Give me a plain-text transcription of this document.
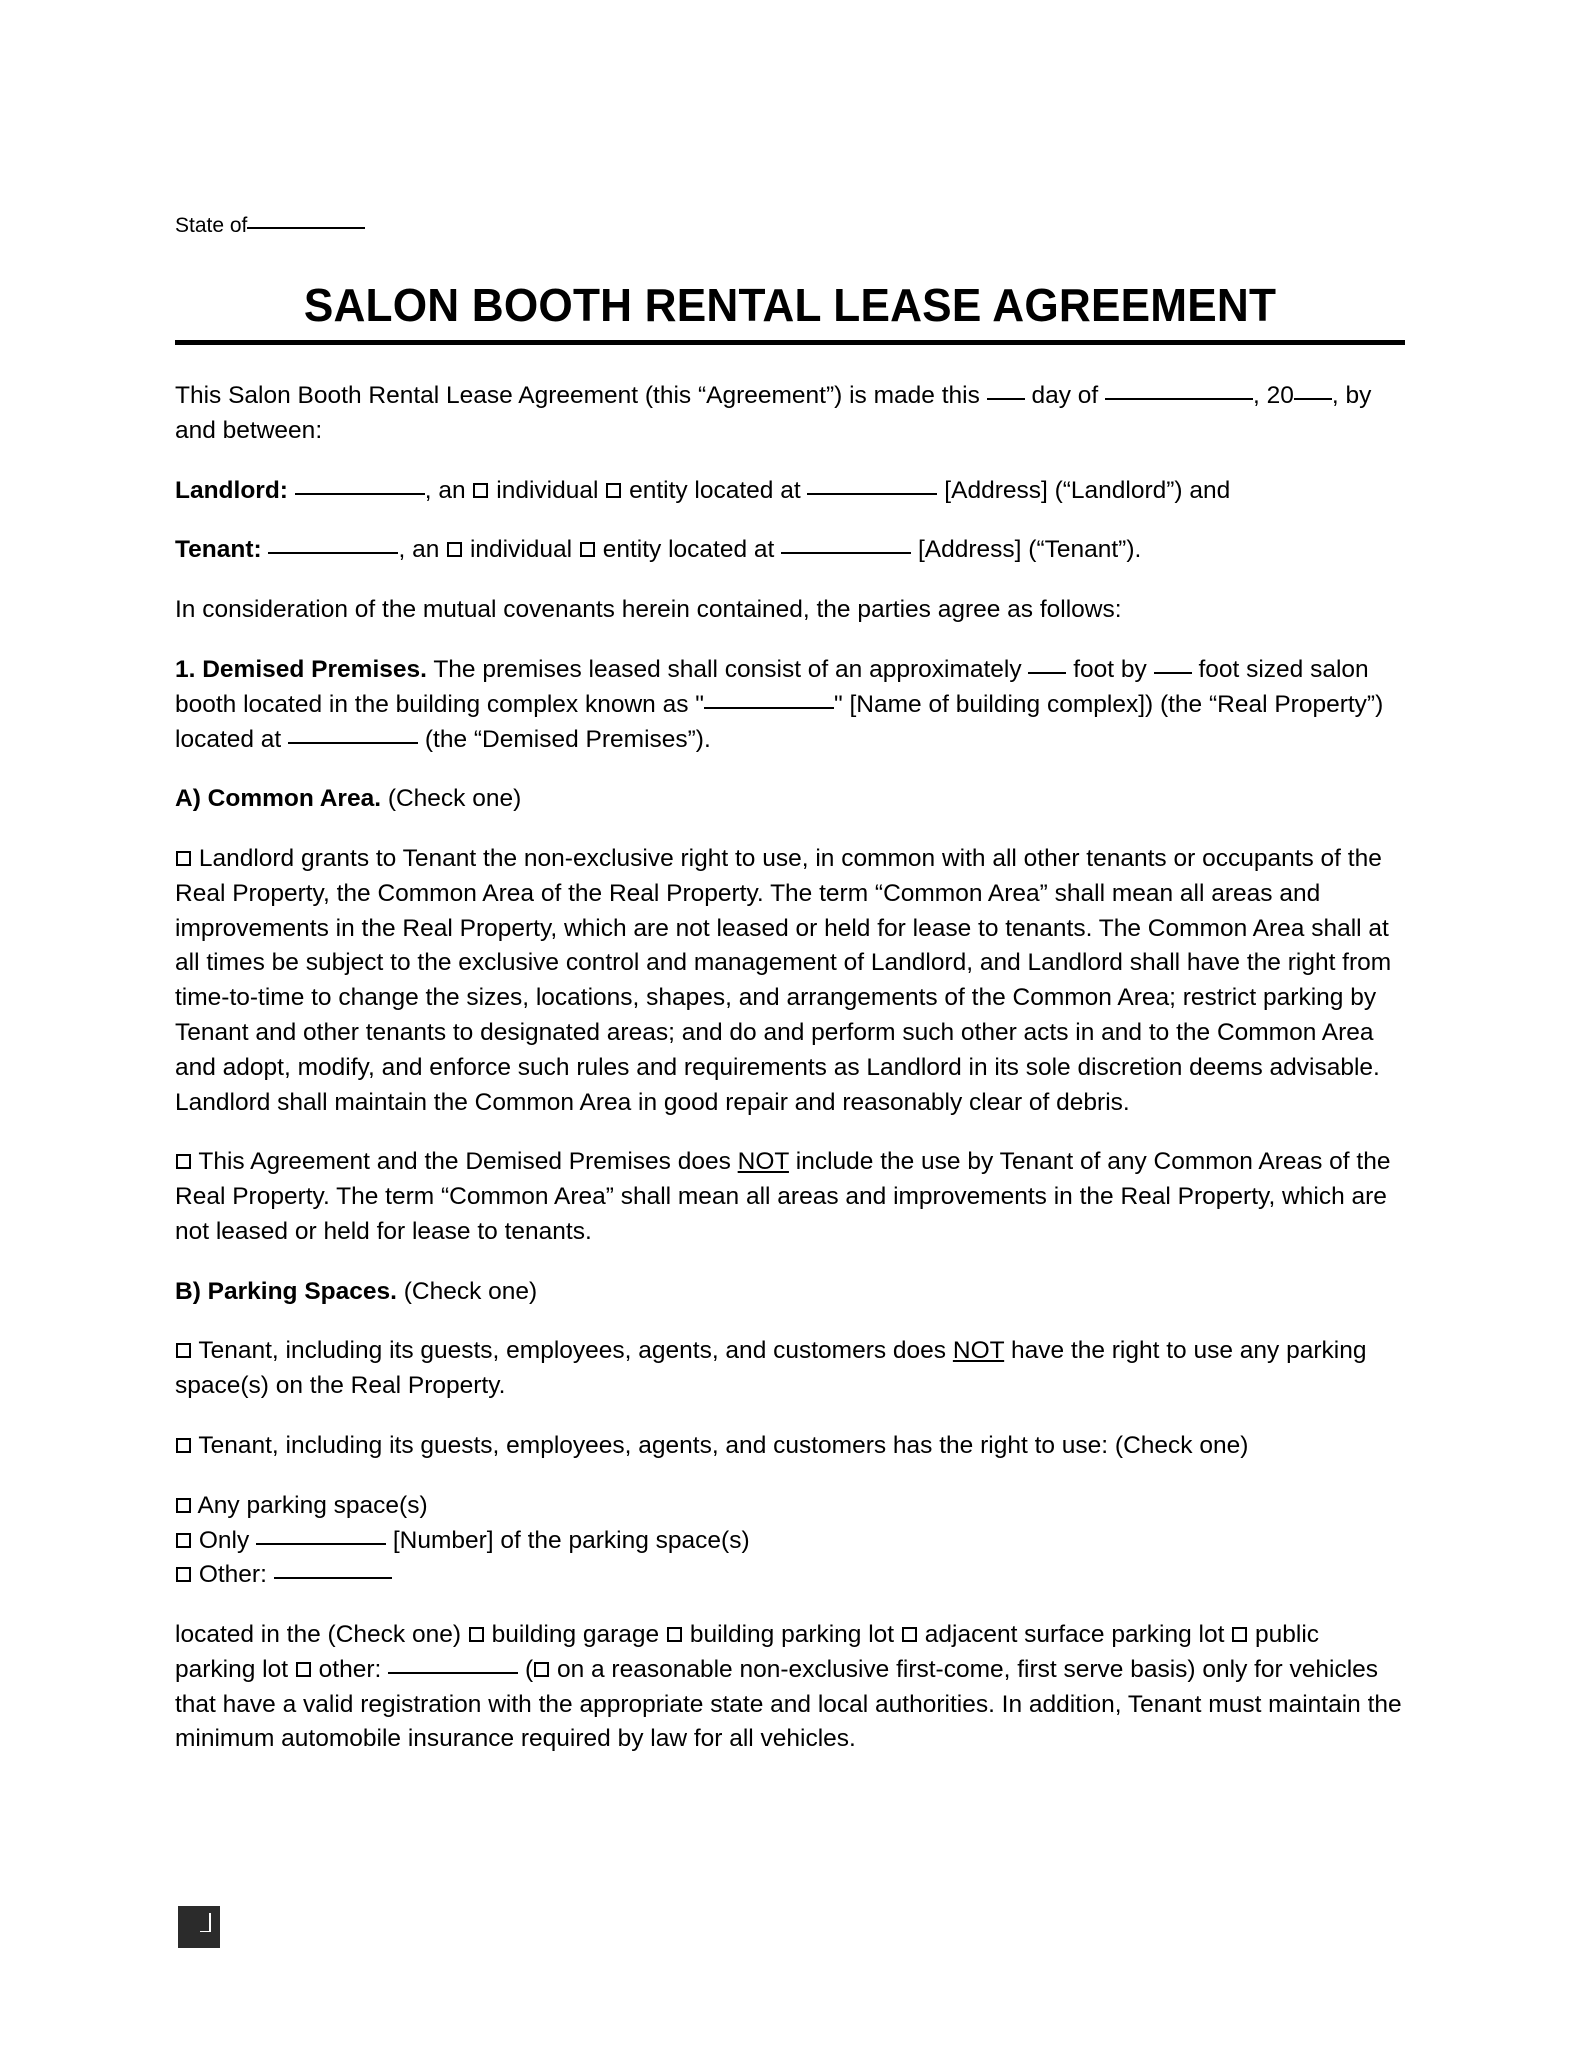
State of

SALON BOOTH RENTAL LEASE AGREEMENT

This Salon Booth Rental Lease Agreement (this “Agreement”) is made this day of	, 20 , by and between:

Landlord:	, an individual entity located at	[Address] (“Landlord”) and

Tenant:	, an individual entity located at	[Address] (“Tenant”).

In consideration of the mutual covenants herein contained, the parties agree as follows:

1. Demised Premises. The premises leased shall consist of an approximately foot by foot sized salon booth located in the building complex known as "	" [Name of building complex]) (the “Real Property”) located at	(the “Demised Premises”).

A) Common Area. (Check one)

Landlord grants to Tenant the non-exclusive right to use, in common with all other tenants or occupants of the Real Property, the Common Area of the Real Property. The term “Common Area” shall mean all areas and improvements in the Real Property, which are not leased or held for lease to tenants. The Common Area shall at all times be subject to the exclusive control and management of Landlord, and Landlord shall have the right from time-to-time to change the sizes, locations, shapes, and arrangements of the Common Area; restrict parking by Tenant and other tenants to designated areas; and do and perform such other acts in and to the Common Area and adopt, modify, and enforce such rules and requirements as Landlord in its sole discretion deems advisable. Landlord shall maintain the Common Area in good repair and reasonably clear of debris.

This Agreement and the Demised Premises does NOT include the use by Tenant of any Common Areas of the Real Property. The term “Common Area” shall mean all areas and improvements in the Real Property, which are not leased or held for lease to tenants.

B) Parking Spaces. (Check one)

Tenant, including its guests, employees, agents, and customers does NOT have the right to use any parking space(s) on the Real Property.

Tenant, including its guests, employees, agents, and customers has the right to use: (Check one)

Any parking space(s)
Only	[Number] of the parking space(s)
Other:

located in the (Check one) building garage building parking lot adjacent surface parking lot public parking lot other:	( on a reasonable non-exclusive first-come, first serve basis) only for vehicles that have a valid registration with the appropriate state and local authorities. In addition, Tenant must maintain the minimum automobile insurance required by law for all vehicles.
